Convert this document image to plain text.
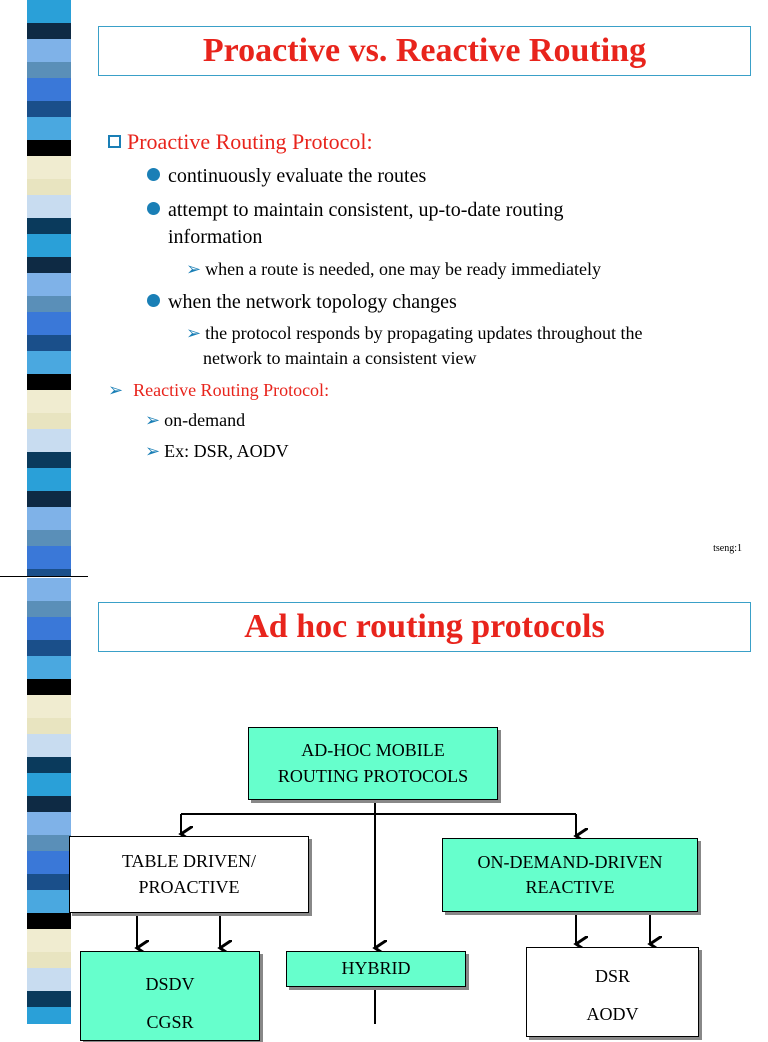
Proactive vs. Reactive Routing
Proactive Routing Protocol:
continuously evaluate the routes
attempt to maintain consistent, up-to-date routing
information
➢ when a route is needed, one may be ready immediately
when the network topology changes
➢ the protocol responds by propagating updates throughout the
network to maintain a consistent view
➢ Reactive Routing Protocol:
➢ on-demand
➢ Ex: DSR, AODV
tseng:1
Ad hoc routing protocols
AD-HOC MOBILE
ROUTING PROTOCOLS
TABLE DRIVEN/
PROACTIVE
ON-DEMAND-DRIVEN
REACTIVE
HYBRID
DSDV
CGSR
DSR
AODV
